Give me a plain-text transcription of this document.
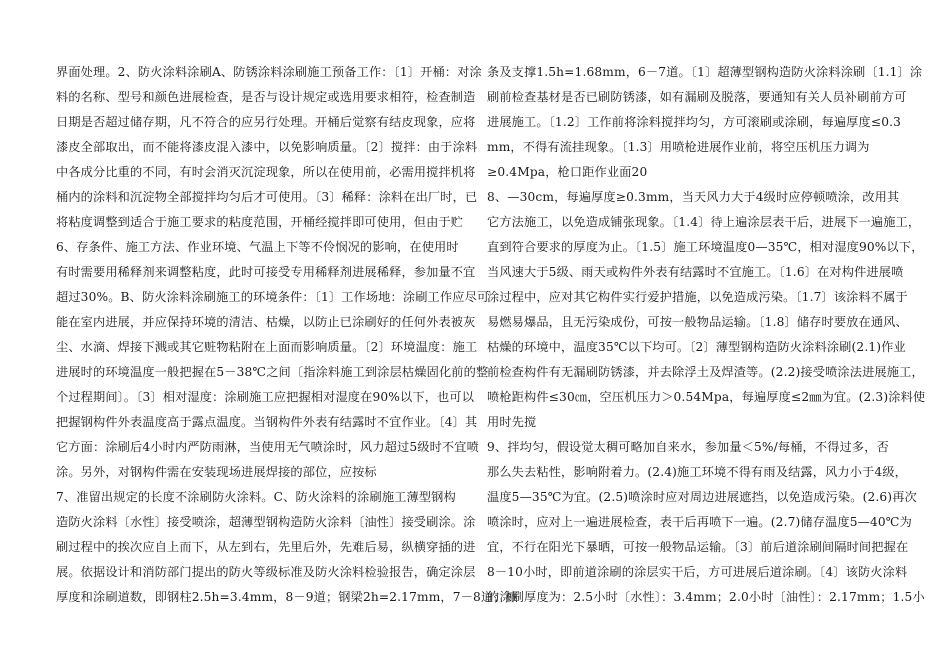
界面处理。2、防火涂料涂刷A、防锈涂料涂刷施工预备工作：〔1〕开桶：对涂
料的名称、型号和颜色进展检查，是否与设计规定或选用要求相符，检查制造
日期是否超过储存期，凡不符合的应另行处理。开桶后觉察有结皮现象，应将
漆皮全部取出，而不能将漆皮混入漆中，以免影响质量。〔2〕搅拌：由于涂料
中各成分比重的不同，有时会消灭沉淀现象，所以在使用前，必需用搅拌机将
桶内的涂料和沉淀物全部搅拌均匀后才可使用。〔3〕稀释：涂料在出厂时，已
将粘度调整到适合于施工要求的粘度范围，开桶经搅拌即可使用，但由于贮
6、存条件、施工方法、作业环境、气温上下等不伶悯况的影响，在使用时
有时需要用稀释剂来调整粘度，此时可接受专用稀释剂进展稀释，参加量不宜
超过30%。B、防火涂料涂刷施工的环境条件：〔1〕工作场地：涂刷工作应尽可
能在室内进展，并应保持环境的清洁、枯燥，以防止已涂刷好的任何外表被灰
尘、水滴、焊接下溅或其它赃物粘附在上面而影响质量。〔2〕环境温度：施工
进展时的环境温度一般把握在5－38℃之间〔指涂料施工到涂层枯燥固化前的整
个过程期间〕。〔3〕相对湿度：涂刷施工应把握相对湿度在90%以下，也可以
把握钢构件外表温度高于露点温度。当钢构件外表有结露时不宜作业。〔4〕其
它方面：涂刷后4小时内严防雨淋，当使用无气喷涂时，风力超过5级时不宜喷
涂。另外，对钢构件需在安装现场进展焊接的部位，应按标
7、准留出规定的长度不涂刷防火涂料。C、防火涂料的涂刷施工薄型钢构
造防火涂料〔水性〕接受喷涂，超薄型钢构造防火涂料〔油性〕接受刷涂。涂
刷过程中的挨次应自上而下，从左到右，先里后外，先难后易，纵横穿插的进
展。依据设计和消防部门提出的防火等级标准及防火涂料检验报告，确定涂层
厚度和涂刷道数，即钢柱2.5h=3.4mm，8－9道；钢梁2h=2.17mm，7－8道；檩
条及支撑1.5h=1.68mm，6－7道。〔1〕超薄型钢构造防火涂料涂刷〔1.1〕涂
刷前检查基材是否已刷防锈漆，如有漏刷及脱落，要通知有关人员补刷前方可
进展施工。〔1.2〕工作前将涂料搅拌均匀，方可滚刷或涂刷，每遍厚度≤0.3
mm，不得有流挂现象。〔1.3〕用喷枪进展作业前，将空压机压力调为
≥0.4Mpa，枪口距作业面20
8、—30cm，每遍厚度≥0.3mm，当天风力大于4级时应停顿喷涂，改用其
它方法施工，以免造成铺张现象。〔1.4〕待上遍涂层表干后，进展下一遍施工，
直到符合要求的厚度为止。〔1.5〕施工环境温度0—35℃，相对湿度90%以下，
当风速大于5级、雨天或构件外表有结露时不宜施工。〔1.6〕在对构件进展喷
涂过程中，应对其它构件实行爱护措施，以免造成污染。〔1.7〕该涂料不属于
易燃易爆品，且无污染成份，可按一般物品运输。〔1.8〕储存时要放在通风、
枯燥的环境中，温度35℃以下均可。〔2〕薄型钢构造防火涂料涂刷(2.1)作业
前检查构件有无漏刷防锈漆，并去除浮土及焊渣等。(2.2)接受喷涂法进展施工，
喷枪距构件≤30㎝，空压机压力＞0.54Mpa，每遍厚度≤2㎜为宜。(2.3)涂料使
用时先搅
9、拌均匀，假设觉太稠可略加自来水，参加量＜5%/每桶，不得过多，否
那么失去粘性，影响附着力。(2.4)施工环境不得有雨及结露，风力小于4级，
温度5—35℃为宜。(2.5)喷涂时应对周边进展遮挡，以免造成污染。(2.6)再次
喷涂时，应对上一遍进展检查，表干后再喷下一遍。(2.7)储存温度5—40℃为
宜，不行在阳光下暴晒，可按一般物品运输。〔3〕前后道涂刷间隔时间把握在
8－10小时，即前道涂刷的涂层实干后，方可进展后道涂刷。〔4〕该防火涂料
的涂刷厚度为：2.5小时〔水性〕：3.4mm；2.0小时〔油性〕：2.17mm；1.5小
